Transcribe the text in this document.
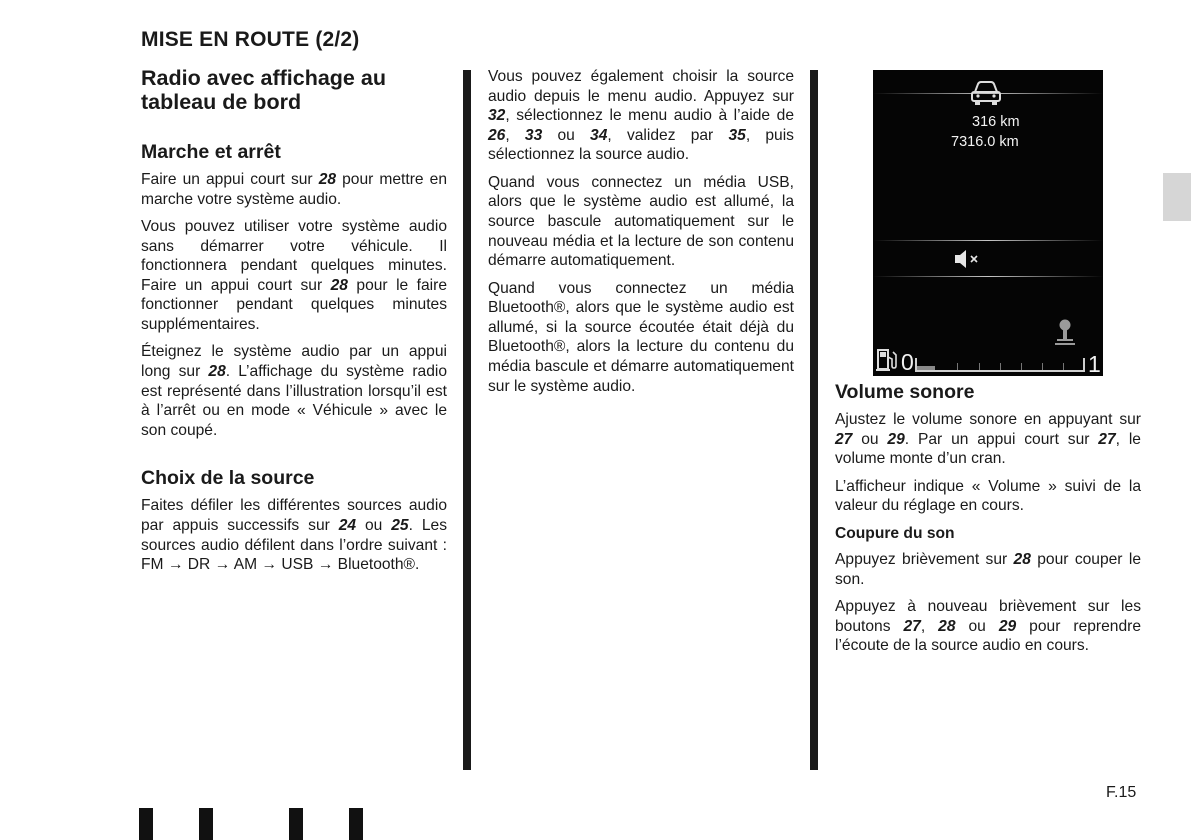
MISE EN ROUTE (2/2)
Radio avec affichage au tableau de bord
Marche et arrêt

Faire un appui court sur 28 pour mettre en marche votre système audio.

Vous pouvez utiliser votre système audio sans démarrer votre véhicule. Il fonctionnera pendant quelques minutes. Faire un appui court sur 28 pour le faire fonctionner pendant quelques minutes supplémentaires.

Éteignez le système audio par un appui long sur 28. L’affichage du système radio est représenté dans l’illustration lorsqu’il est à l’arrêt ou en mode « Véhicule » avec le son coupé.

Choix de la source

Faites défiler les différentes sources audio par appuis successifs sur 24 ou 25. Les sources audio défilent dans l’ordre suivant : FM → DR → AM → USB → Bluetooth®.

Vous pouvez également choisir la source audio depuis le menu audio. Appuyez sur 32, sélectionnez le menu audio à l’aide de 26, 33 ou 34, validez par 35, puis sélectionnez la source audio.

Quand vous connectez un média USB, alors que le système audio est allumé, la source bascule automatiquement sur le nouveau média et la lecture de son contenu démarre automatiquement.

Quand vous connectez un média Bluetooth®, alors que le système audio est allumé, si la source écoutée était déjà du Bluetooth®, alors la lecture du contenu du média bascule et démarre automatiquement sur le système audio.

316 km
7316.0 km
0	1
Volume sonore

Ajustez le volume sonore en appuyant sur 27 ou 29. Par un appui court sur 27, le volume monte d’un cran.

L’afficheur indique « Volume » suivi de la valeur du réglage en cours.

Coupure du son

Appuyez brièvement sur 28 pour couper le son.

Appuyez à nouveau brièvement sur les boutons 27, 28 ou 29 pour reprendre l’écoute de la source audio en cours.

F.15
